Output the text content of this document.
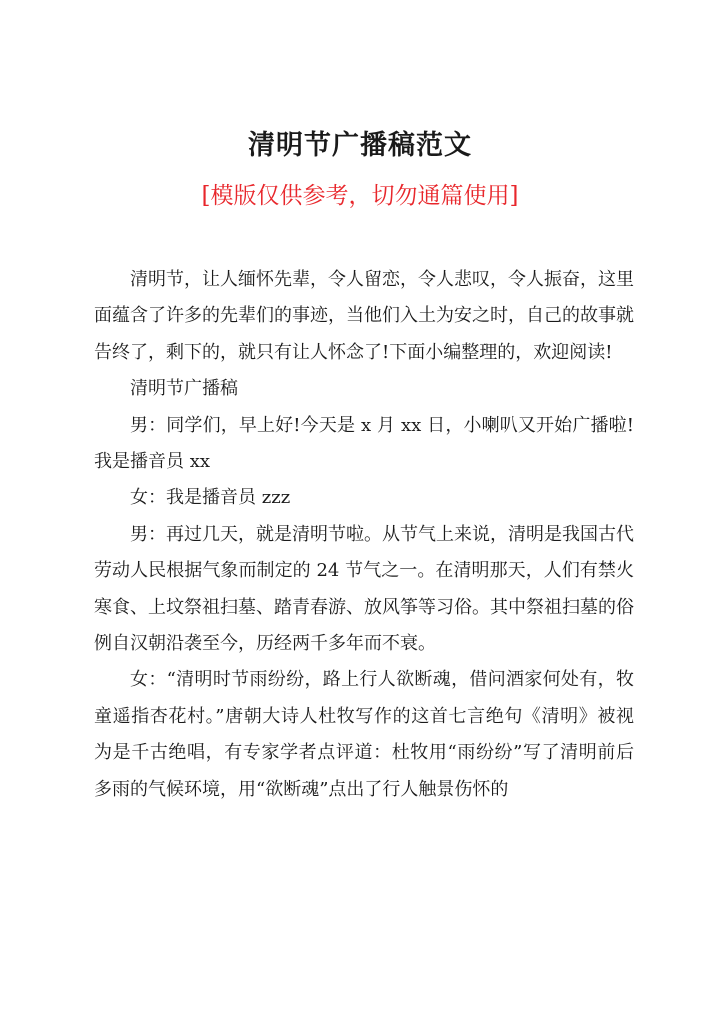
清明节广播稿范文
[模版仅供参考，切勿通篇使用]

清明节，让人缅怀先辈，令人留恋，令人悲叹，令人振奋，这里面蕴含了许多的先辈们的事迹，当他们入土为安之时，自己的故事就告终了，剩下的，就只有让人怀念了!下面小编整理的，欢迎阅读!

清明节广播稿

男：同学们，早上好!今天是 x 月 xx 日，小喇叭又开始广播啦!我是播音员 xx

女：我是播音员 zzz

男：再过几天，就是清明节啦。从节气上来说，清明是我国古代劳动人民根据气象而制定的 24 节气之一。在清明那天，人们有禁火寒食、上坟祭祖扫墓、踏青春游、放风筝等习俗。其中祭祖扫墓的俗例自汉朝沿袭至今，历经两千多年而不衰。

女：“清明时节雨纷纷，路上行人欲断魂，借问酒家何处有，牧童遥指杏花村。”唐朝大诗人杜牧写作的这首七言绝句《清明》被视为是千古绝唱，有专家学者点评道：杜牧用“雨纷纷”写了清明前后多雨的气候环境，用“欲断魂”点出了行人触景伤怀的
